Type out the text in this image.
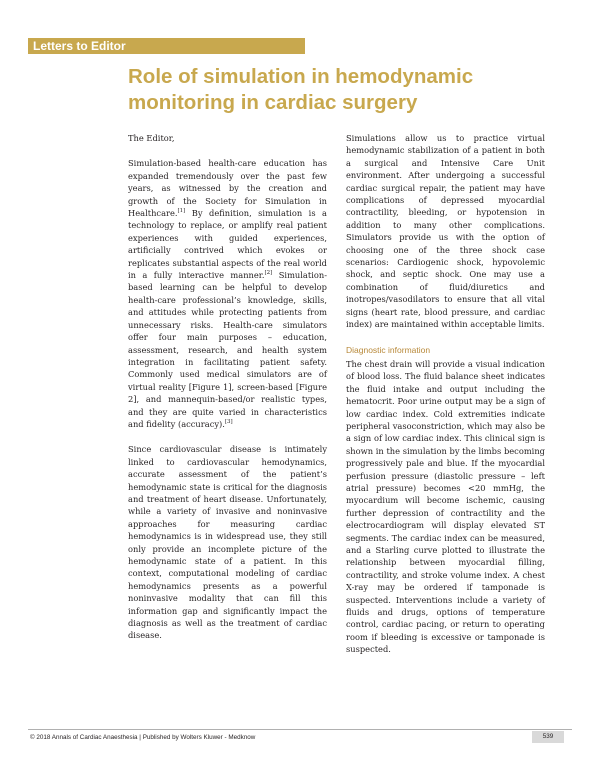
Letters to Editor
Role of simulation in hemodynamic
monitoring in cardiac surgery

The Editor,

Simulation-based health-care education has expanded tremendously over the past few years, as witnessed by the creation and growth of the Society for Simulation in Healthcare.[1] By definition, simulation is a technology to replace, or amplify real patient experiences with guided experiences, artificially contrived which evokes or replicates substantial aspects of the real world in a fully interactive manner.[2] Simulation-based learning can be helpful to develop health-care professional’s knowledge, skills, and attitudes while protecting patients from unnecessary risks. Health-care simulators offer four main purposes – education, assessment, research, and health system integration in facilitating patient safety. Commonly used medical simulators are of virtual reality [Figure 1], screen-based [Figure 2], and mannequin-based/or realistic types, and they are quite varied in characteristics and fidelity (accuracy).[3]

Since cardiovascular disease is intimately linked to cardiovascular hemodynamics, accurate assessment of the patient’s hemodynamic state is critical for the diagnosis and treatment of heart disease. Unfortunately, while a variety of invasive and noninvasive approaches for measuring cardiac hemodynamics is in widespread use, they still only provide an incomplete picture of the hemodynamic state of a patient. In this context, computational modeling of cardiac hemodynamics presents as a powerful noninvasive modality that can fill this information gap and significantly impact the diagnosis as well as the treatment of cardiac disease.

Simulations allow us to practice virtual hemodynamic stabilization of a patient in both a surgical and Intensive Care Unit environment. After undergoing a successful cardiac surgical repair, the patient may have complications of depressed myocardial contractility, bleeding, or hypotension in addition to many other complications. Simulators provide us with the option of choosing one of the three shock case scenarios: Cardiogenic shock, hypovolemic shock, and septic shock. One may use a combination of fluid/diuretics and inotropes/vasodilators to ensure that all vital signs (heart rate, blood pressure, and cardiac index) are maintained within acceptable limits.

Diagnostic information

The chest drain will provide a visual indication of blood loss. The fluid balance sheet indicates the fluid intake and output including the hematocrit. Poor urine output may be a sign of low cardiac index. Cold extremities indicate peripheral vasoconstriction, which may also be a sign of low cardiac index. This clinical sign is shown in the simulation by the limbs becoming progressively pale and blue. If the myocardial perfusion pressure (diastolic pressure – left atrial pressure) becomes <20 mmHg, the myocardium will become ischemic, causing further depression of contractility and the electrocardiogram will display elevated ST segments. The cardiac index can be measured, and a Starling curve plotted to illustrate the relationship between myocardial filling, contractility, and stroke volume index. A chest X-ray may be ordered if tamponade is suspected. Interventions include a variety of fluids and drugs, options of temperature control, cardiac pacing, or return to operating room if bleeding is excessive or tamponade is suspected.

© 2018 Annals of Cardiac Anaesthesia | Published by Wolters Kluwer - Medknow	539
